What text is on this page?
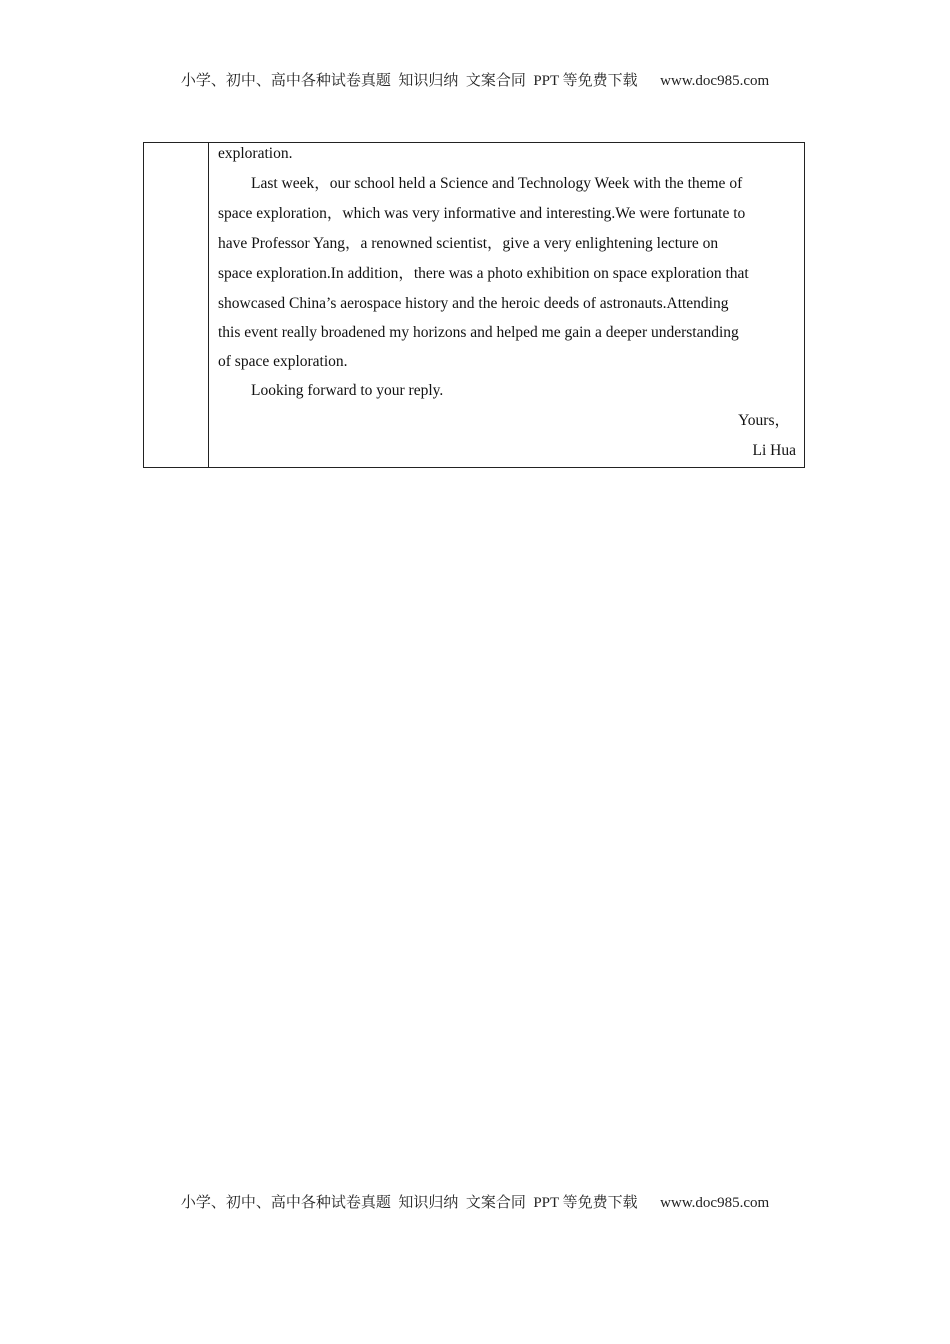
小学、初中、高中各种试卷真题  知识归纳  文案合同  PPT 等免费下载      www.doc985.com
exploration.
Last week，our school held a Science and Technology Week with the theme of
space exploration，which was very informative and interesting.We were fortunate to
have Professor Yang，a renowned scientist，give a very enlightening lecture on
space exploration.In addition，there was a photo exhibition on space exploration that
showcased China’s aerospace history and the heroic deeds of astronauts.Attending
this event really broadened my horizons and helped me gain a deeper understanding
of space exploration.
Looking forward to your reply.
Yours，
Li Hua
小学、初中、高中各种试卷真题  知识归纳  文案合同  PPT 等免费下载      www.doc985.com
